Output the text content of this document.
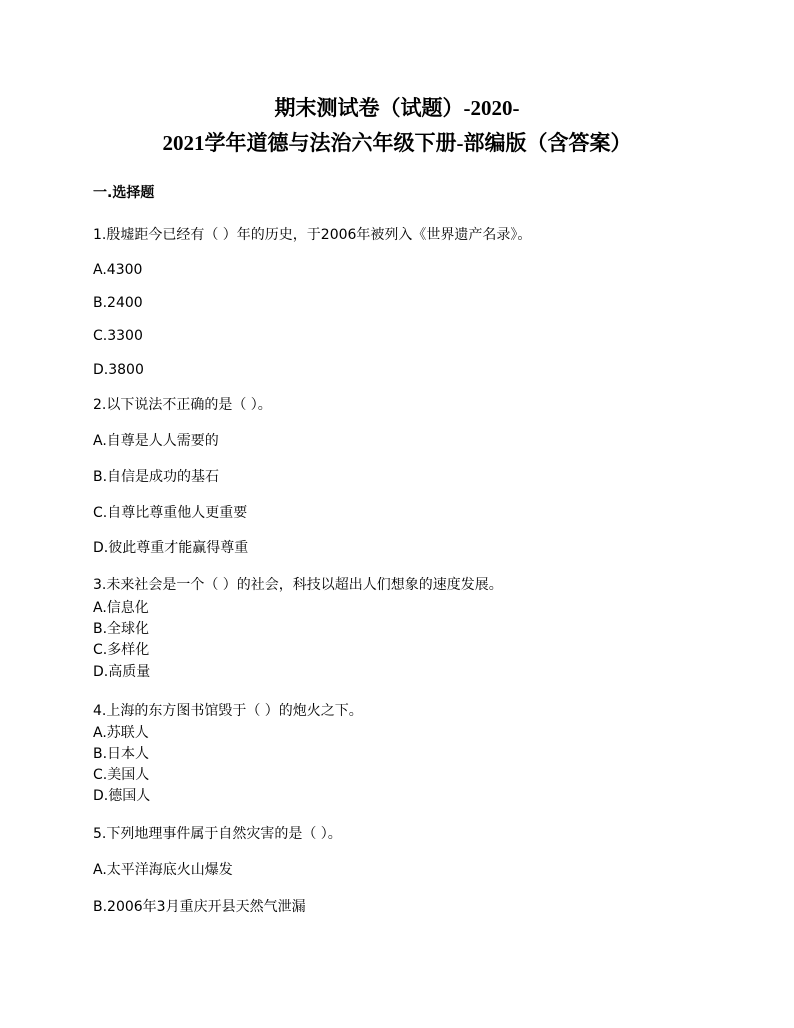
期末测试卷（试题）-2020-
2021学年道德与法治六年级下册-部编版（含答案）
一.选择题
1.殷墟距今已经有（ ）年的历史，于2006年被列入《世界遗产名录》。
A.4300
B.2400
C.3300
D.3800
2.以下说法不正确的是（ ）。
A.自尊是人人需要的
B.自信是成功的基石
C.自尊比尊重他人更重要
D.彼此尊重才能赢得尊重
3.未来社会是一个（ ）的社会，科技以超出人们想象的速度发展。
A.信息化
B.全球化
C.多样化
D.高质量
4.上海的东方图书馆毁于（ ）的炮火之下。
A.苏联人
B.日本人
C.美国人
D.德国人
5.下列地理事件属于自然灾害的是（ ）。
A.太平洋海底火山爆发
B.2006年3月重庆开县天然气泄漏
